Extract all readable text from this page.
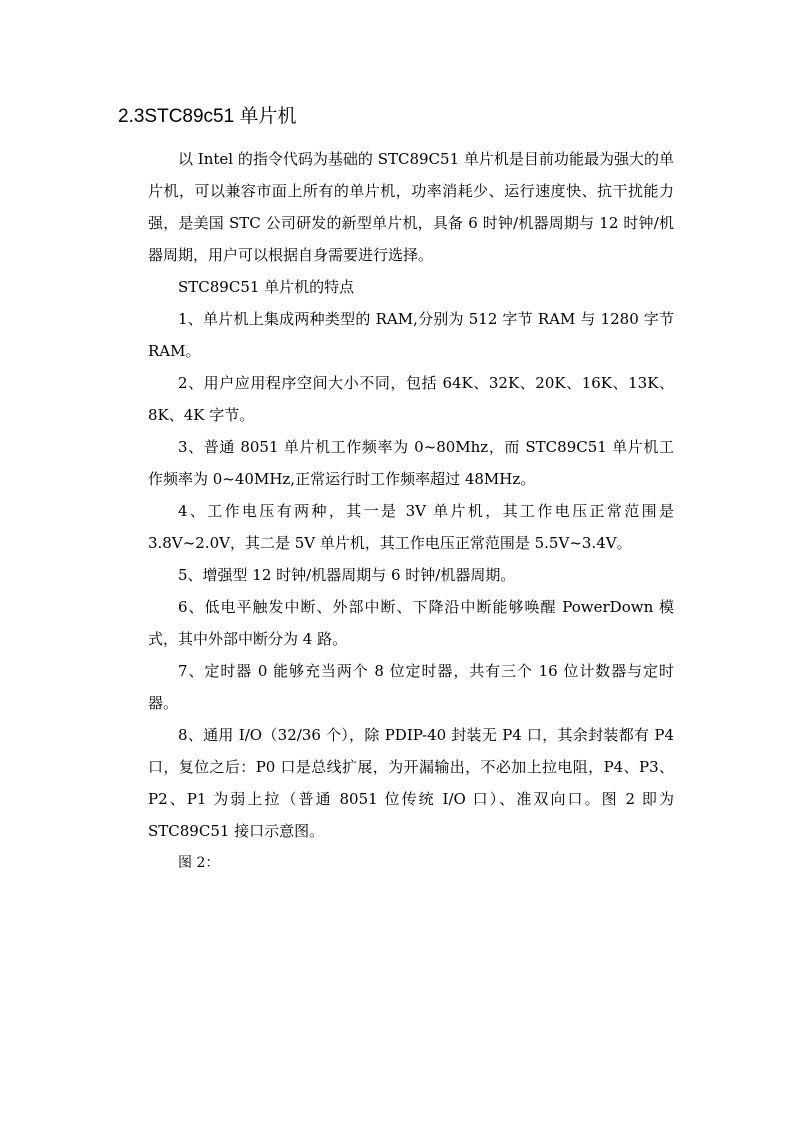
2.3STC89c51 单片机

以 Intel 的指令代码为基础的 STC89C51 单片机是目前功能最为强大的单片机，可以兼容市面上所有的单片机，功率消耗少、运行速度快、抗干扰能力强，是美国 STC 公司研发的新型单片机，具备 6 时钟/机器周期与 12 时钟/机器周期，用户可以根据自身需要进行选择。

STC89C51 单片机的特点

1、单片机上集成两种类型的 RAM,分别为 512 字节 RAM 与 1280 字节 RAM。

2、用户应用程序空间大小不同，包括 64K、32K、20K、16K、13K、8K、4K 字节。

3、普通 8051 单片机工作频率为 0~80Mhz，而 STC89C51 单片机工作频率为 0~40MHz,正常运行时工作频率超过 48MHz。

4、工作电压有两种，其一是 3V 单片机，其工作电压正常范围是 3.8V~2.0V，其二是 5V 单片机，其工作电压正常范围是 5.5V~3.4V。

5、增强型 12 时钟/机器周期与 6 时钟/机器周期。

6、低电平触发中断、外部中断、下降沿中断能够唤醒 PowerDown 模式，其中外部中断分为 4 路。

7、定时器 0 能够充当两个 8 位定时器，共有三个 16 位计数器与定时器。

8、通用 I/O（32/36 个），除 PDIP-40 封装无 P4 口，其余封装都有 P4 口，复位之后：P0 口是总线扩展，为开漏输出，不必加上拉电阻，P4、P3、P2、P1 为弱上拉（普通 8051 位传统 I/O 口）、准双向口。图 2 即为 STC89C51 接口示意图。

图 2：
